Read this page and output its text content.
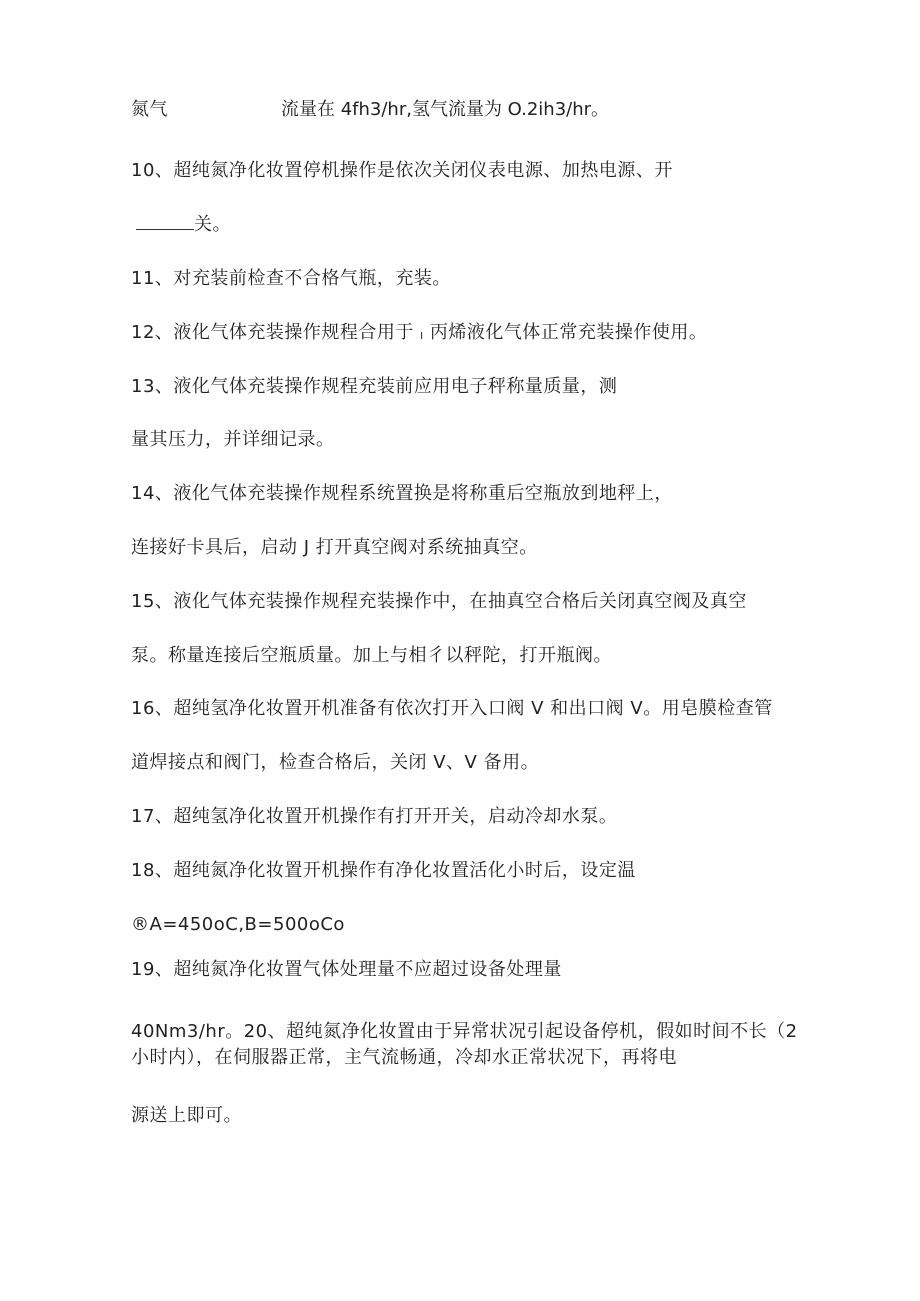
氮气	流量在 4fh3/hr,氢气流量为 O.2ih3/hr。
10、超纯氮净化妆置停机操作是依次关闭仪表电源、加热电源、开
关。
11、对充装前检查不合格气瓶，充装。
12、液化气体充装操作规程合用于 I 丙烯液化气体正常充装操作使用。
13、液化气体充装操作规程充装前应用电子秤称量质量，测
量其压力，并详细记录。
14、液化气体充装操作规程系统置换是将称重后空瓶放到地秤上，
连接好卡具后，启动 J 打开真空阀对系统抽真空。
15、液化气体充装操作规程充装操作中，在抽真空合格后关闭真空阀及真空
泵。称量连接后空瓶质量。加上与相彳以秤陀，打开瓶阀。
16、超纯氢净化妆置开机准备有依次打开入口阀 V 和出口阀 V。用皂膜检查管
道焊接点和阀门，检查合格后，关闭 V、V 备用。
17、超纯氢净化妆置开机操作有打开开关，启动冷却水泵。
18、超纯氮净化妆置开机操作有净化妆置活化小时后，设定温
®A=450oC,B=500oCo
19、超纯氮净化妆置气体处理量不应超过设备处理量
40Nm3/hr。20、超纯氮净化妆置由于异常状况引起设备停机，假如时间不长（2
小时内），在伺服器正常，主气流畅通，冷却水正常状况下，再将电
源送上即可。
